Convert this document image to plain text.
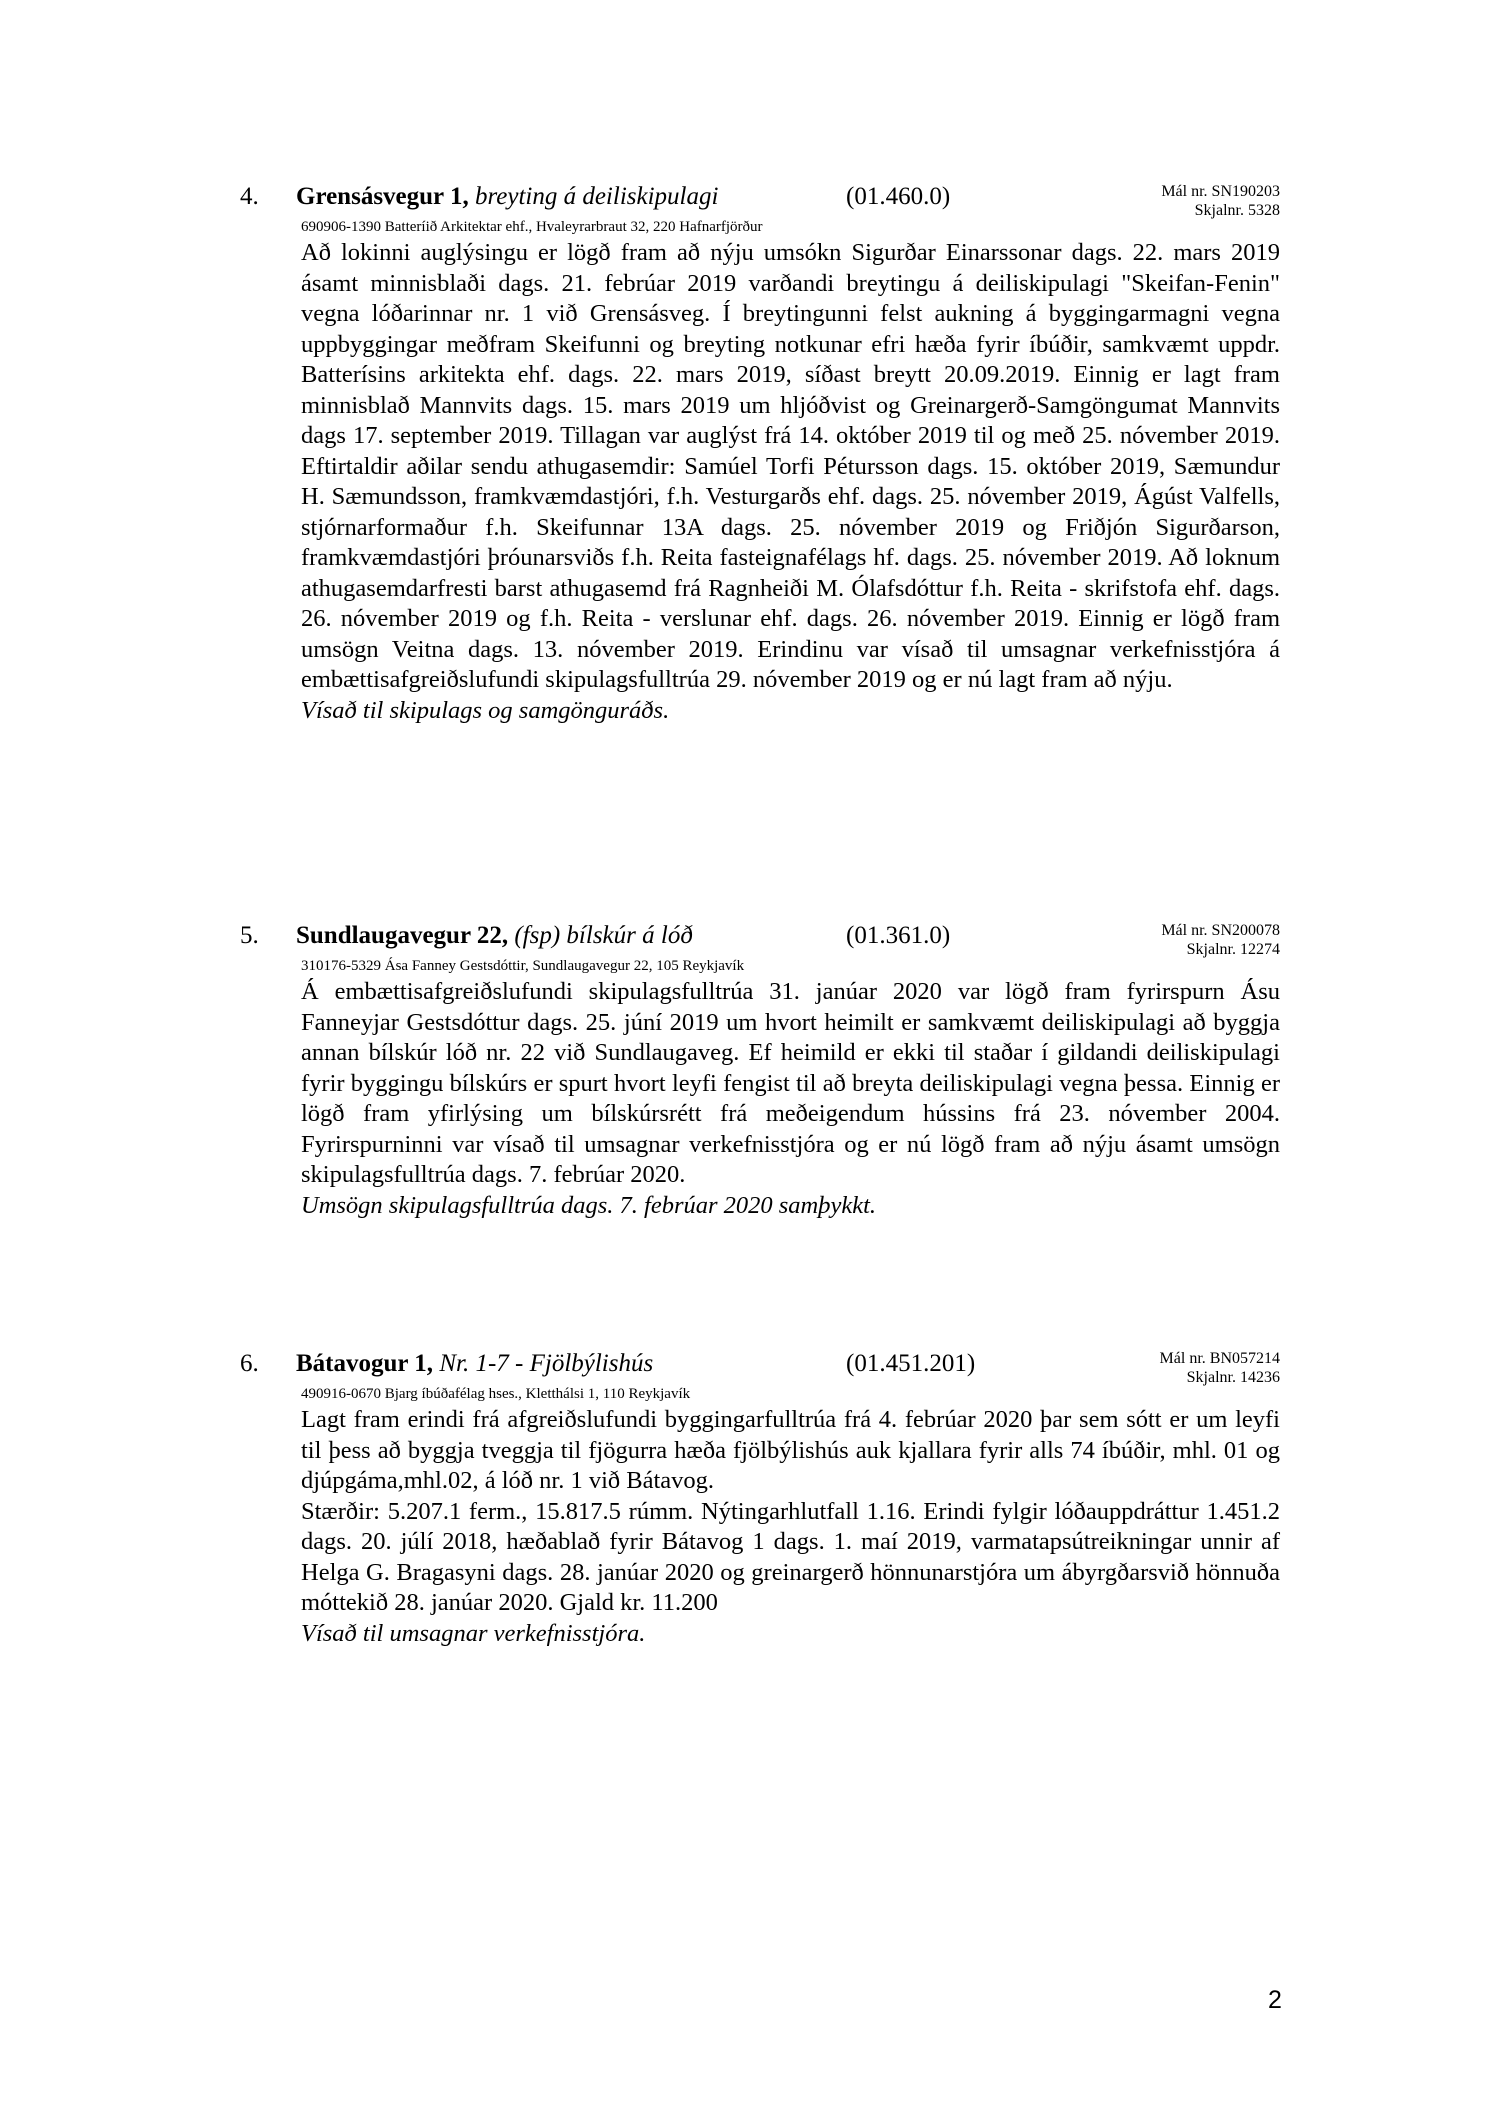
4. Grensásvegur 1, breyting á deiliskipulagi	(01.460.0)	Mál nr. SN190203
Skjalnr. 5328
690906-1390 Batteríið Arkitektar ehf., Hvaleyrarbraut 32, 220 Hafnarfjörður

Að lokinni auglýsingu er lögð fram að nýju umsókn Sigurðar Einarssonar dags. 22. mars 2019 ásamt minnisblaði dags. 21. febrúar 2019 varðandi breytingu á deiliskipulagi "Skeifan-Fenin" vegna lóðarinnar nr. 1 við Grensásveg. Í breytingunni felst aukning á byggingarmagni vegna uppbyggingar meðfram Skeifunni og breyting notkunar efri hæða fyrir íbúðir, samkvæmt uppdr. Batterísins arkitekta ehf. dags. 22. mars 2019, síðast breytt 20.09.2019. Einnig er lagt fram minnisblað Mannvits dags. 15. mars 2019 um hljóðvist og Greinargerð-Samgöngumat Mannvits dags 17. september 2019. Tillagan var auglýst frá 14. október 2019 til og með 25. nóvember 2019. Eftirtaldir aðilar sendu athugasemdir: Samúel Torfi Pétursson dags. 15. október 2019, Sæmundur H. Sæmundsson, framkvæmdastjóri, f.h. Vesturgarðs ehf. dags. 25. nóvember 2019, Ágúst Valfells, stjórnarformaður f.h. Skeifunnar 13A dags. 25. nóvember 2019 og Friðjón Sigurðarson, framkvæmdastjóri þróunarsviðs f.h. Reita fasteignafélags hf. dags. 25. nóvember 2019. Að loknum athugasemdarfresti barst athugasemd frá Ragnheiði M. Ólafsdóttur f.h. Reita - skrifstofa ehf. dags. 26. nóvember 2019 og f.h. Reita - verslunar ehf. dags. 26. nóvember 2019. Einnig er lögð fram umsögn Veitna dags. 13. nóvember 2019. Erindinu var vísað til umsagnar verkefnisstjóra á embættisafgreiðslufundi skipulagsfulltrúa 29. nóvember 2019 og er nú lagt fram að nýju.

Vísað til skipulags og samgönguráðs.

5. Sundlaugavegur 22, (fsp) bílskúr á lóð	(01.361.0)	Mál nr. SN200078
Skjalnr. 12274
310176-5329 Ása Fanney Gestsdóttir, Sundlaugavegur 22, 105 Reykjavík

Á embættisafgreiðslufundi skipulagsfulltrúa 31. janúar 2020 var lögð fram fyrirspurn Ásu Fanneyjar Gestsdóttur dags. 25. júní 2019 um hvort heimilt er samkvæmt deiliskipulagi að byggja annan bílskúr lóð nr. 22 við Sundlaugaveg. Ef heimild er ekki til staðar í gildandi deiliskipulagi fyrir byggingu bílskúrs er spurt hvort leyfi fengist til að breyta deiliskipulagi vegna þessa. Einnig er lögð fram yfirlýsing um bílskúrsrétt frá meðeigendum hússins frá 23. nóvember 2004. Fyrirspurninni var vísað til umsagnar verkefnisstjóra og er nú lögð fram að nýju ásamt umsögn skipulagsfulltrúa dags. 7. febrúar 2020.

Umsögn skipulagsfulltrúa dags. 7. febrúar 2020 samþykkt.

6. Bátavogur 1, Nr. 1-7 - Fjölbýlishús	(01.451.201)	Mál nr. BN057214
Skjalnr. 14236
490916-0670 Bjarg íbúðafélag hses., Kletthálsi 1, 110 Reykjavík

Lagt fram erindi frá afgreiðslufundi byggingarfulltrúa frá 4. febrúar 2020 þar sem sótt er um leyfi til þess að byggja tveggja til fjögurra hæða fjölbýlishús auk kjallara fyrir alls 74 íbúðir, mhl. 01 og djúpgáma,mhl.02, á lóð nr. 1 við Bátavog.

Stærðir: 5.207.1 ferm., 15.817.5 rúmm. Nýtingarhlutfall 1.16. Erindi fylgir lóðauppdráttur 1.451.2 dags. 20. júlí 2018, hæðablað fyrir Bátavog 1 dags. 1. maí 2019, varmatapsútreikningar unnir af Helga G. Bragasyni dags. 28. janúar 2020 og greinargerð hönnunarstjóra um ábyrgðarsvið hönnuða móttekið 28. janúar 2020. Gjald kr. 11.200

Vísað til umsagnar verkefnisstjóra.

2
